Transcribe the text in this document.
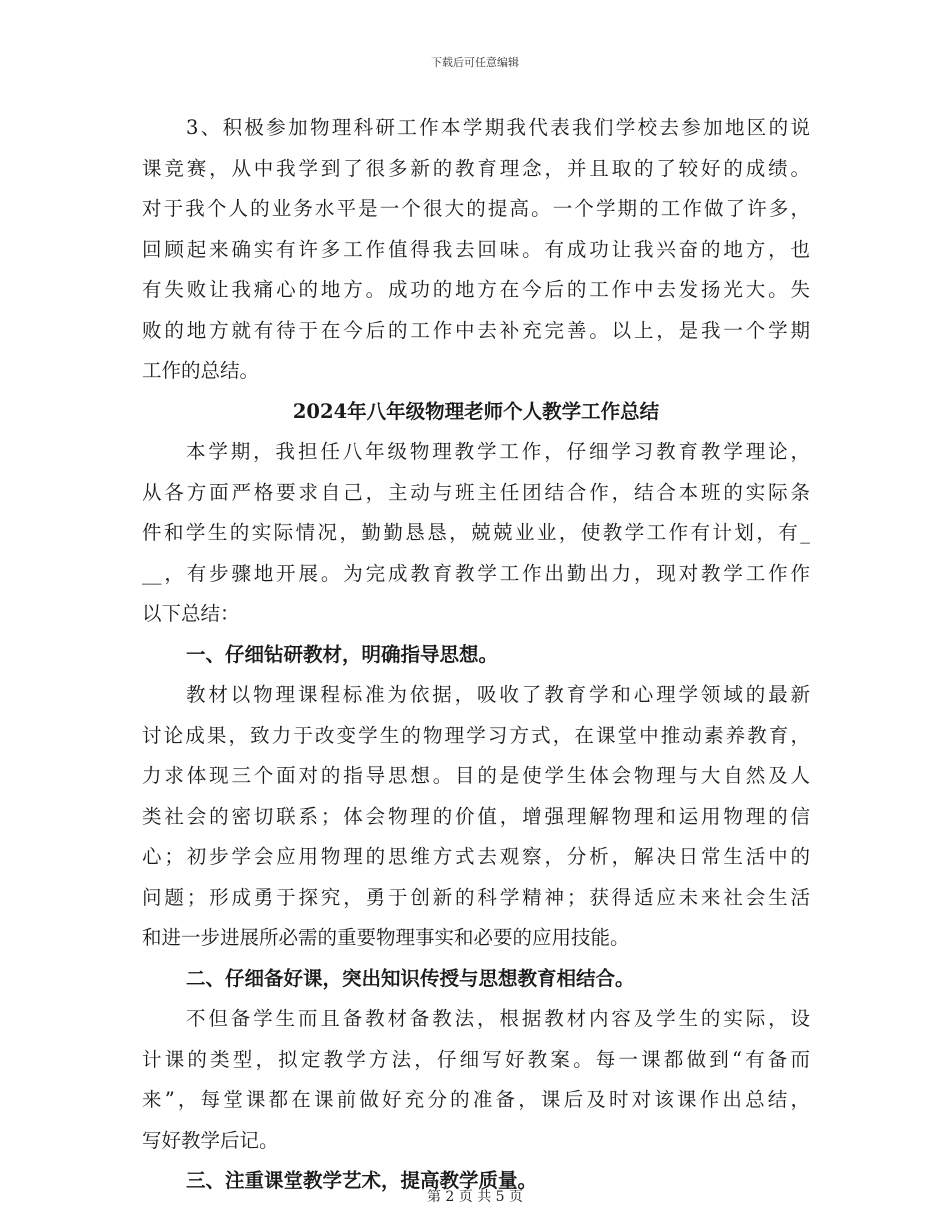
下载后可任意编辑
3、积极参加物理科研工作本学期我代表我们学校去参加地区的说
课竞赛，从中我学到了很多新的教育理念，并且取的了较好的成绩。
对于我个人的业务水平是一个很大的提高。一个学期的工作做了许多，
回顾起来确实有许多工作值得我去回味。有成功让我兴奋的地方，也
有失败让我痛心的地方。成功的地方在今后的工作中去发扬光大。失
败的地方就有待于在今后的工作中去补充完善。以上，是我一个学期
工作的总结。
2024年八年级物理老师个人教学工作总结
本学期，我担任八年级物理教学工作，仔细学习教育教学理论，
从各方面严格要求自己，主动与班主任团结合作，结合本班的实际条
件和学生的实际情况，勤勤恳恳，兢兢业业，使教学工作有计划，有_
__，有步骤地开展。为完成教育教学工作出勤出力，现对教学工作作
以下总结：
一、仔细钻研教材，明确指导思想。
教材以物理课程标准为依据，吸收了教育学和心理学领域的最新
讨论成果，致力于改变学生的物理学习方式，在课堂中推动素养教育，
力求体现三个面对的指导思想。目的是使学生体会物理与大自然及人
类社会的密切联系；体会物理的价值，增强理解物理和运用物理的信
心；初步学会应用物理的思维方式去观察，分析，解决日常生活中的
问题；形成勇于探究，勇于创新的科学精神；获得适应未来社会生活
和进一步进展所必需的重要物理事实和必要的应用技能。
二、仔细备好课，突出知识传授与思想教育相结合。
不但备学生而且备教材备教法，根据教材内容及学生的实际，设
计课的类型，拟定教学方法，仔细写好教案。每一课都做到“有备而
来”，每堂课都在课前做好充分的准备，课后及时对该课作出总结，
写好教学后记。
三、注重课堂教学艺术，提高教学质量。
第 2 页 共 5 页
